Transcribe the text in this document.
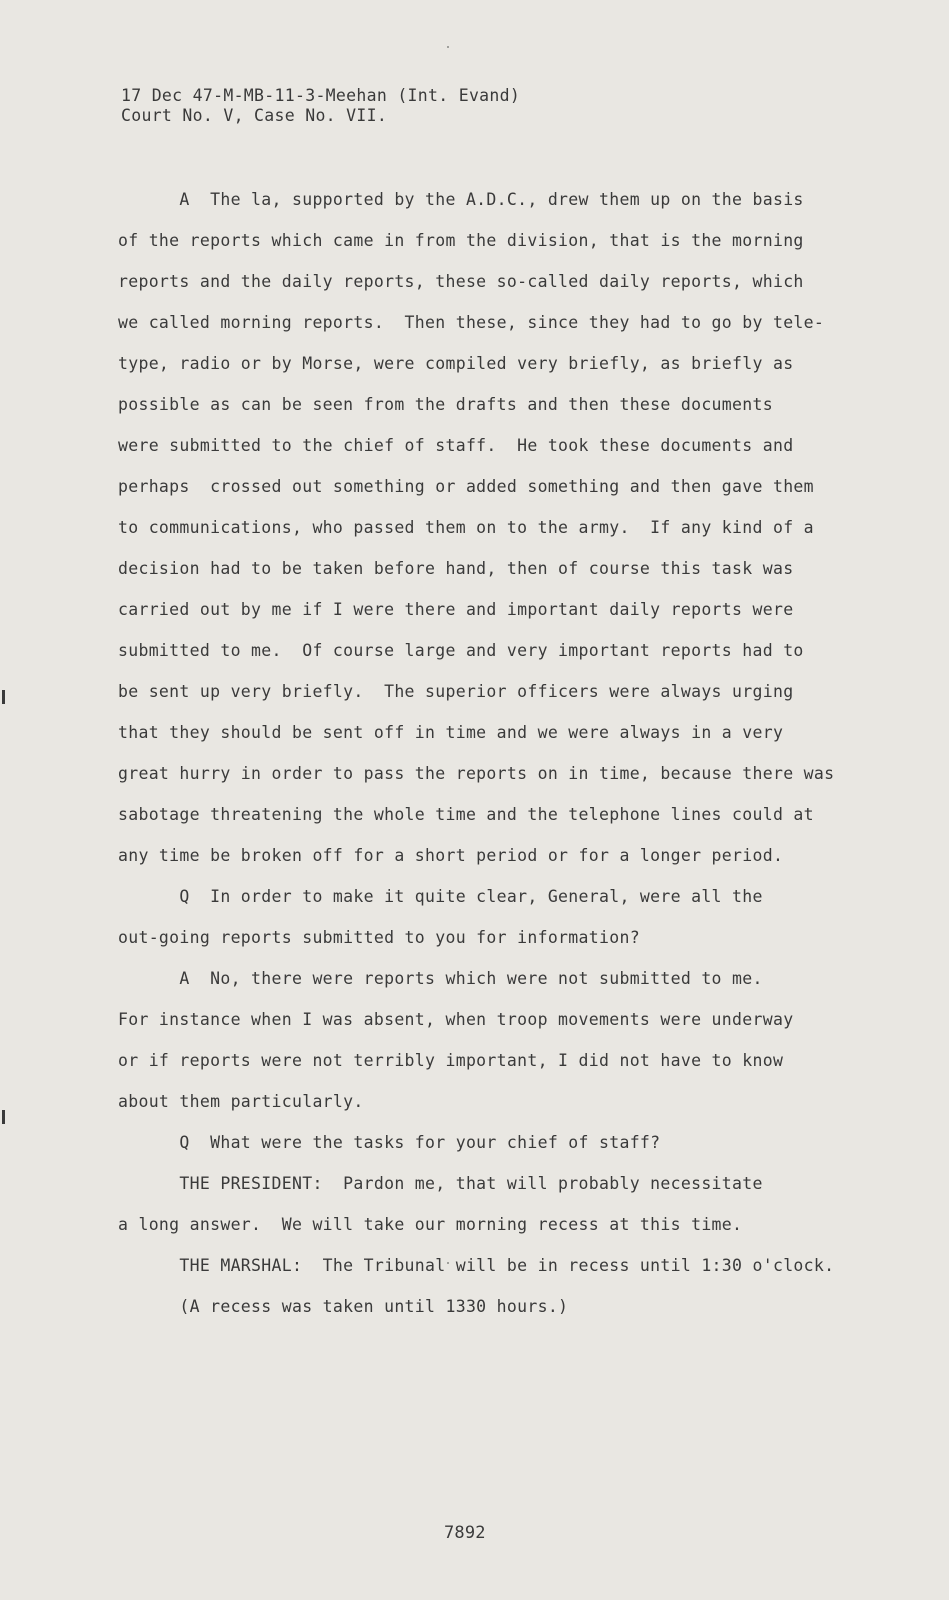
17 Dec 47-M-MB-11-3-Meehan (Int. Evand)
Court No. V, Case No. VII.
A  The la, supported by the A.D.C., drew them up on the basis
of the reports which came in from the division, that is the morning
reports and the daily reports, these so-called daily reports, which
we called morning reports.  Then these, since they had to go by tele-
type, radio or by Morse, were compiled very briefly, as briefly as
possible as can be seen from the drafts and then these documents
were submitted to the chief of staff.  He took these documents and
perhaps  crossed out something or added something and then gave them
to communications, who passed them on to the army.  If any kind of a
decision had to be taken before hand, then of course this task was
carried out by me if I were there and important daily reports were
submitted to me.  Of course large and very important reports had to
be sent up very briefly.  The superior officers were always urging
that they should be sent off in time and we were always in a very
great hurry in order to pass the reports on in time, because there was
sabotage threatening the whole time and the telephone lines could at
any time be broken off for a short period or for a longer period.
Q  In order to make it quite clear, General, were all the
out-going reports submitted to you for information?
A  No, there were reports which were not submitted to me.
For instance when I was absent, when troop movements were underway
or if reports were not terribly important, I did not have to know
about them particularly.
Q  What were the tasks for your chief of staff?
THE PRESIDENT:  Pardon me, that will probably necessitate
a long answer.  We will take our morning recess at this time.
THE MARSHAL:  The Tribunal will be in recess until 1:30 o'clock.
(A recess was taken until 1330 hours.)
7892
